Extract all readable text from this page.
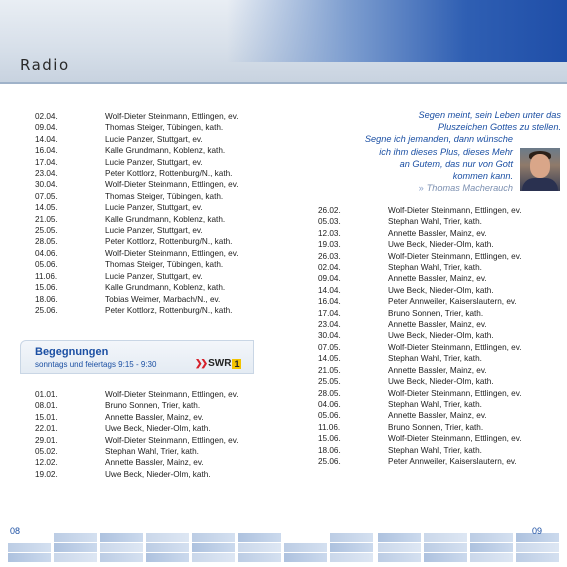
Radio
02.04.	Wolf-Dieter Steinmann, Ettlingen, ev.
09.04.	Thomas Steiger, Tübingen, kath.
14.04.	Lucie Panzer, Stuttgart, ev.
16.04.	Kalle Grundmann, Koblenz, kath.
17.04.	Lucie Panzer, Stuttgart, ev.
23.04.	Peter Kottlorz, Rottenburg/N., kath.
30.04.	Wolf-Dieter Steinmann, Ettlingen, ev.
07.05.	Thomas Steiger, Tübingen, kath.
14.05.	Lucie Panzer, Stuttgart, ev.
21.05.	Kalle Grundmann, Koblenz, kath.
25.05.	Lucie Panzer, Stuttgart, ev.
28.05.	Peter Kottlorz, Rottenburg/N., kath.
04.06.	Wolf-Dieter Steinmann, Ettlingen, ev.
05.06.	Thomas Steiger, Tübingen, kath.
11.06.	Lucie Panzer, Stuttgart, ev.
15.06.	Kalle Grundmann, Koblenz, kath.
18.06.	Tobias Weimer, Marbach/N., ev.
25.06.	Peter Kottlorz, Rottenburg/N., kath.
Begegnungen
sonntags und feiertags 9:15 - 9:30	❯❯ SWR 1
01.01.	Wolf-Dieter Steinmann, Ettlingen, ev.
08.01.	Bruno Sonnen, Trier, kath.
15.01.	Annette Bassler, Mainz, ev.
22.01.	Uwe Beck, Nieder-Olm, kath.
29.01.	Wolf-Dieter Steinmann, Ettlingen, ev.
05.02.	Stephan Wahl, Trier, kath.
12.02.	Annette Bassler, Mainz, ev.
19.02.	Uwe Beck, Nieder-Olm, kath.
Segen meint, sein Leben unter das
Pluszeichen Gottes zu stellen.
Segne ich jemanden, dann wünsche
ich ihm dieses Plus, dieses Mehr
an Gutem, das nur von Gott
kommen kann.
» Thomas Macherauch
26.02.	Wolf-Dieter Steinmann, Ettlingen, ev.
05.03.	Stephan Wahl, Trier, kath.
12.03.	Annette Bassler, Mainz, ev.
19.03.	Uwe Beck, Nieder-Olm, kath.
26.03.	Wolf-Dieter Steinmann, Ettlingen, ev.
02.04.	Stephan Wahl, Trier, kath.
09.04.	Annette Bassler, Mainz, ev.
14.04.	Uwe Beck, Nieder-Olm, kath.
16.04.	Peter Annweiler, Kaiserslautern, ev.
17.04.	Bruno Sonnen, Trier, kath.
23.04.	Annette Bassler, Mainz, ev.
30.04.	Uwe Beck, Nieder-Olm, kath.
07.05.	Wolf-Dieter Steinmann, Ettlingen, ev.
14.05.	Stephan Wahl, Trier, kath.
21.05.	Annette Bassler, Mainz, ev.
25.05.	Uwe Beck, Nieder-Olm, kath.
28.05.	Wolf-Dieter Steinmann, Ettlingen, ev.
04.06.	Stephan Wahl, Trier, kath.
05.06.	Annette Bassler, Mainz, ev.
11.06.	Bruno Sonnen, Trier, kath.
15.06.	Wolf-Dieter Steinmann, Ettlingen, ev.
18.06.	Stephan Wahl, Trier, kath.
25.06.	Peter Annweiler, Kaiserslautern, ev.
08	09
